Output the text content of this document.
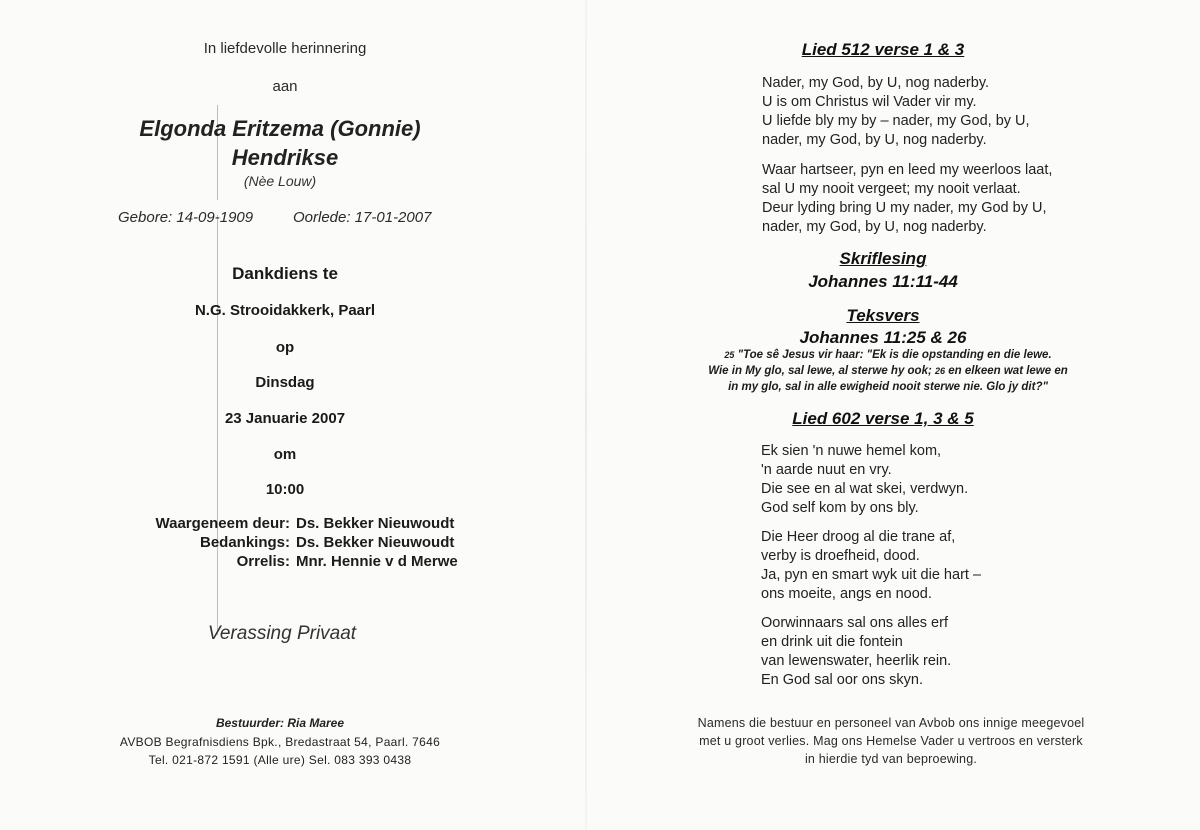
In liefdevolle herinnering
aan
Elgonda Eritzema (Gonnie)
Hendrikse
(Nèe Louw)
Gebore: 14-09-1909	Oorlede: 17-01-2007
Dankdiens te
N.G. Strooidakkerk, Paarl
op
Dinsdag
23 Januarie 2007
om
10:00
Waargeneem deur: Ds. Bekker Nieuwoudt
Bedankings: Ds. Bekker Nieuwoudt
Orrelis: Mnr. Hennie v d Merwe
Verassing Privaat
Bestuurder: Ria Maree
AVBOB Begrafnisdiens Bpk., Bredastraat 54, Paarl. 7646
Tel. 021-872 1591 (Alle ure) Sel. 083 393 0438
Lied 512 verse 1 & 3
Nader, my God, by U, nog naderby.
U is om Christus wil Vader vir my.
U liefde bly my by – nader, my God, by U,
nader, my God, by U, nog naderby.
Waar hartseer, pyn en leed my weerloos laat,
sal U my nooit vergeet; my nooit verlaat.
Deur lyding bring U my nader, my God by U,
nader, my God, by U, nog naderby.
Skriflesing
Johannes 11:11-44
Teksvers
Johannes 11:25 & 26
25 "Toe sê Jesus vir haar: "Ek is die opstanding en die lewe.
Wie in My glo, sal lewe, al sterwe hy ook; 26 en elkeen wat lewe en
in my glo, sal in alle ewigheid nooit sterwe nie. Glo jy dit?"
Lied 602 verse 1, 3 & 5
Ek sien 'n nuwe hemel kom,
'n aarde nuut en vry.
Die see en al wat skei, verdwyn.
God self kom by ons bly.
Die Heer droog al die trane af,
verby is droefheid, dood.
Ja, pyn en smart wyk uit die hart –
ons moeite, angs en nood.
Oorwinnaars sal ons alles erf
en drink uit die fontein
van lewenswater, heerlik rein.
En God sal oor ons skyn.
Namens die bestuur en personeel van Avbob ons innige meegevoel
met u groot verlies. Mag ons Hemelse Vader u vertroos en versterk
in hierdie tyd van beproewing.
